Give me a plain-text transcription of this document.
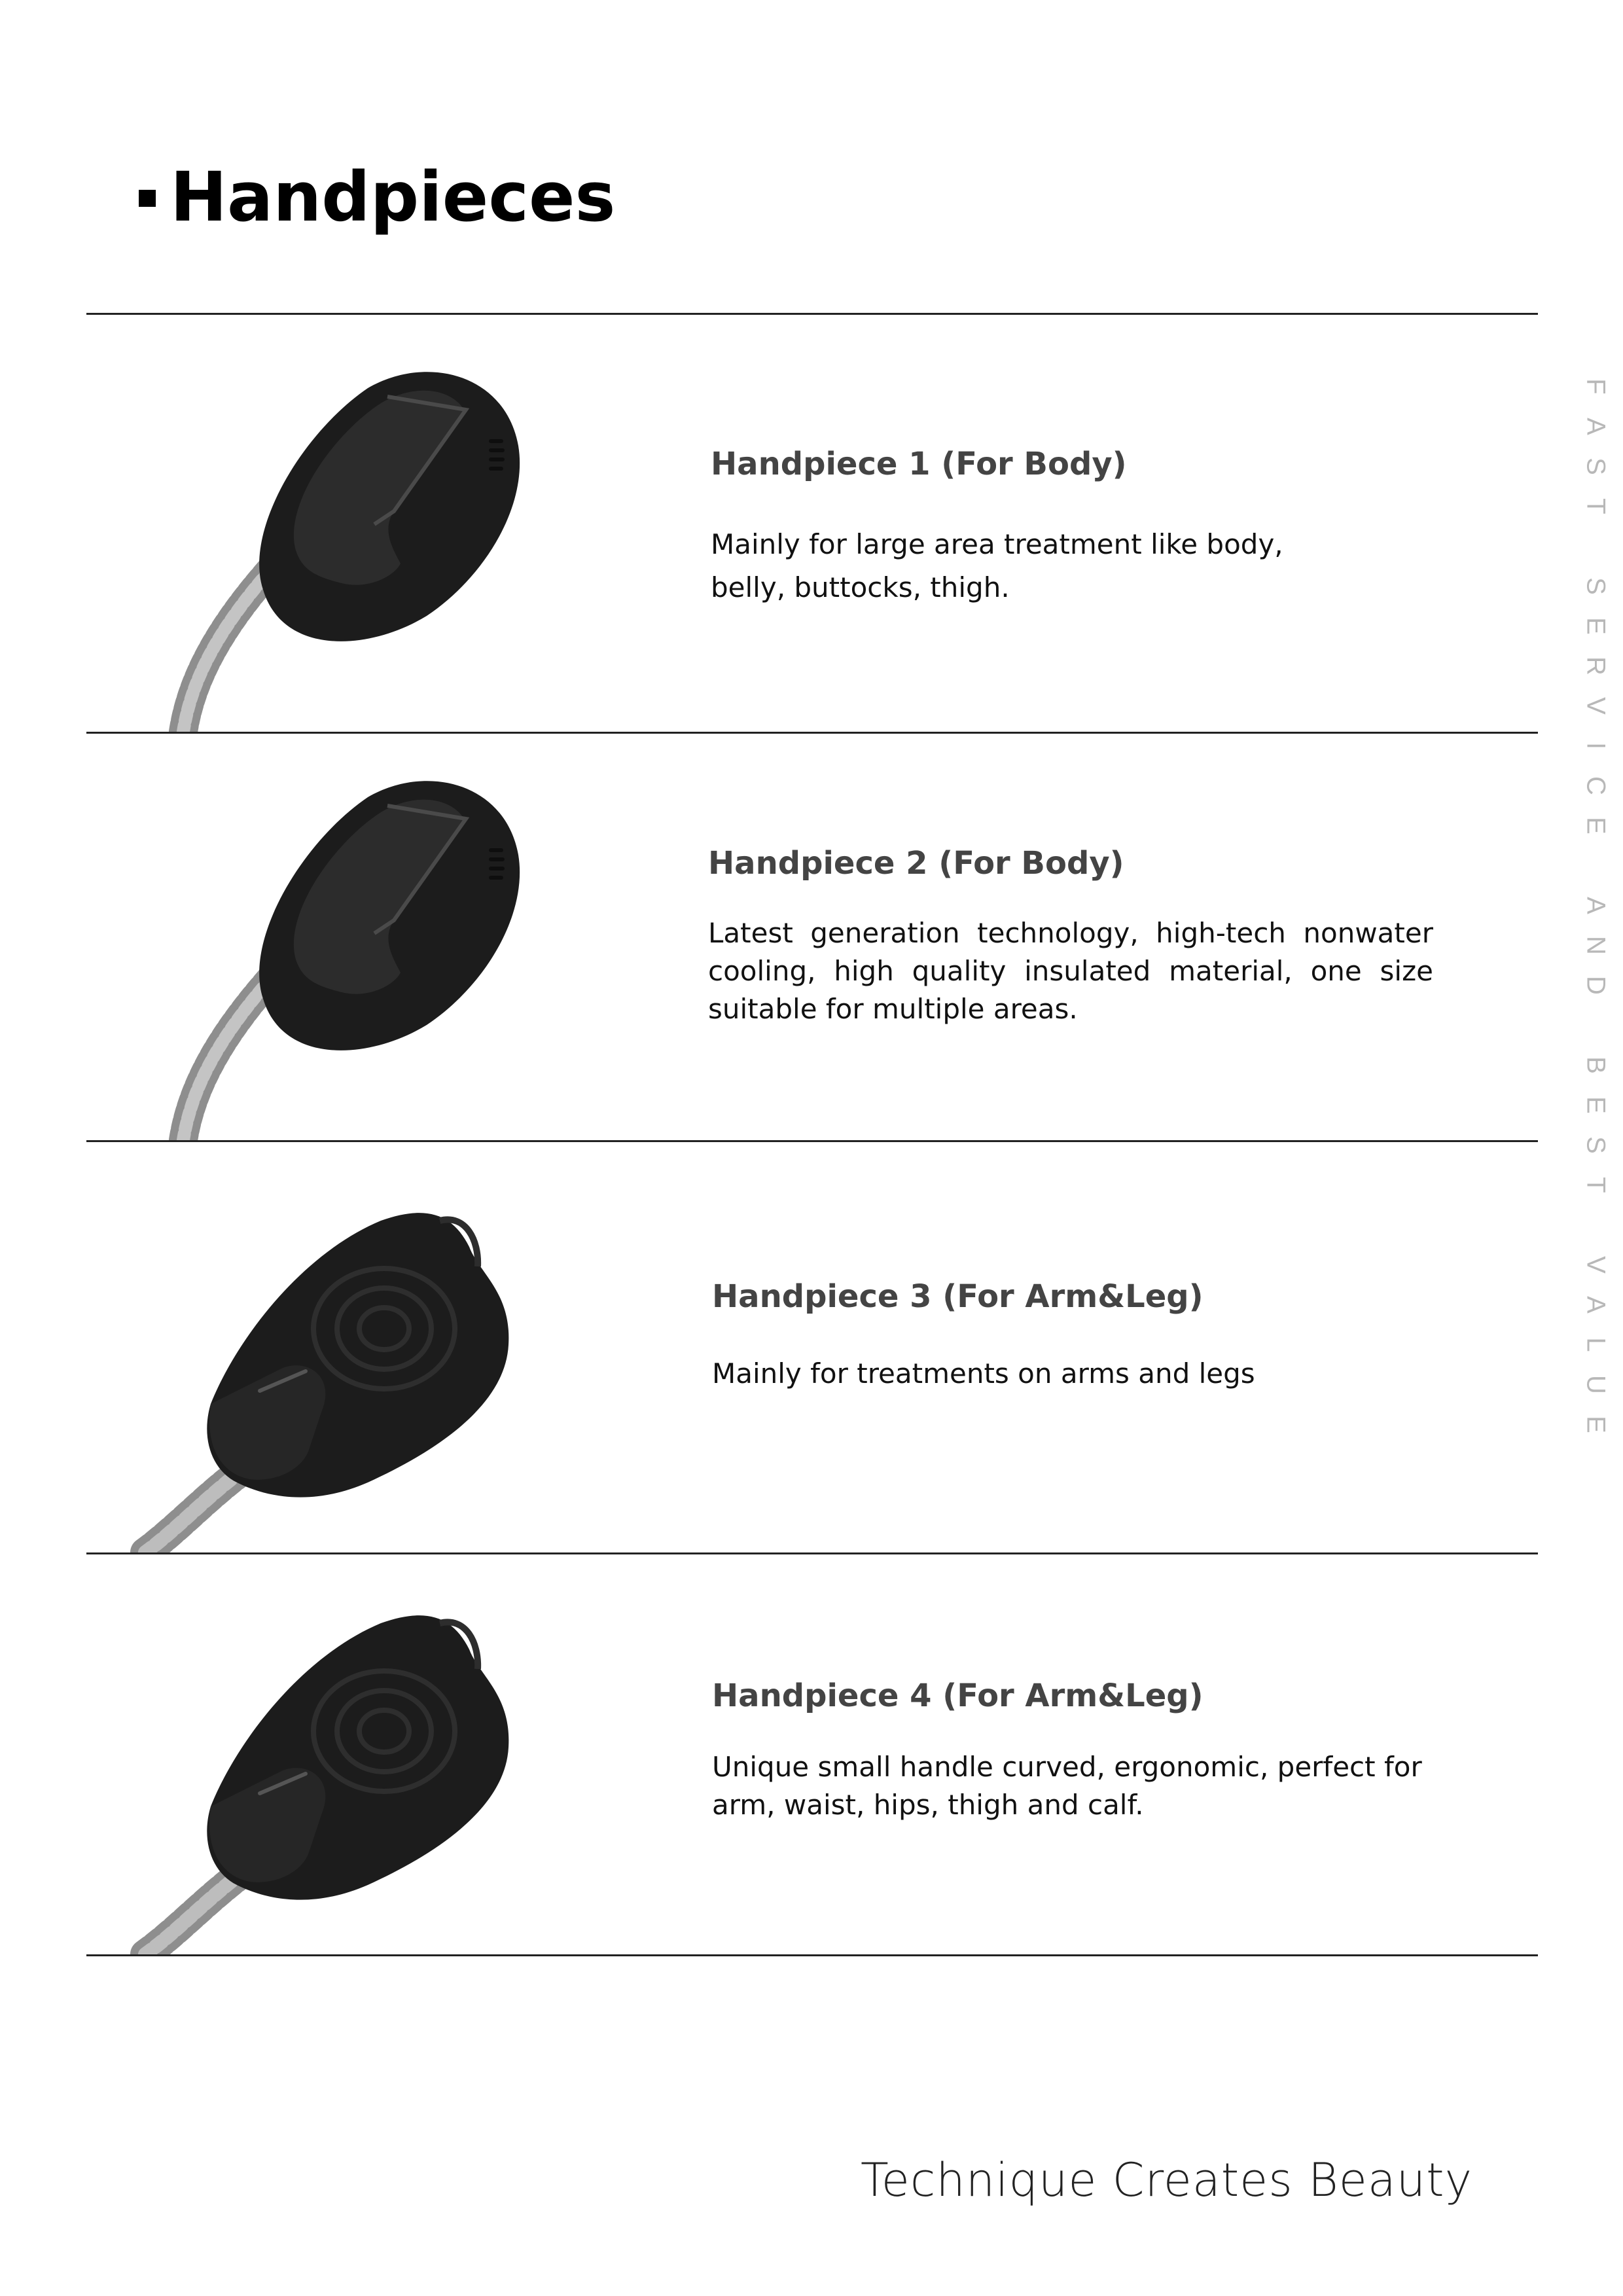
Handpieces

Handpiece 1 (For Body)

Mainly for large area treatment like body, belly, buttocks, thigh.

Handpiece 2 (For Body)

Latest generation technology, high-tech nonwater cooling, high quality insulated material, one size suitable for multiple areas.

Handpiece 3 (For Arm&Leg)

Mainly for treatments on arms and legs

Handpiece 4 (For Arm&Leg)

Unique small handle curved, ergonomic, perfect for arm, waist, hips, thigh and calf.

F
A
S
T

S
E
R
V
I
C
E

A
N
D

B
E
S
T

V
A
L
U
E
Technique Creates Beauty
